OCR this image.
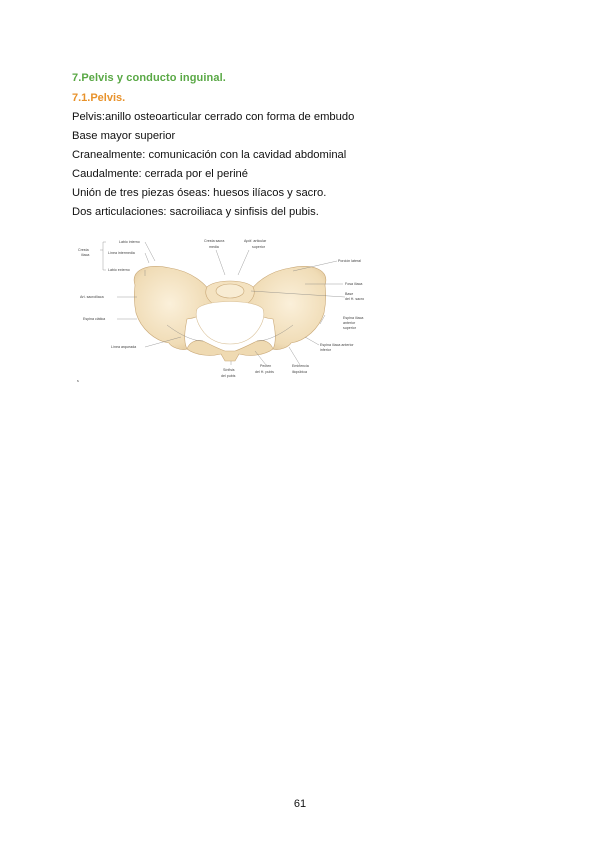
7.Pelvis y conducto inguinal.
7.1.Pelvis.
Pelvis:anillo osteoarticular cerrado con forma de embudo
Base mayor superior
Cranealmente: comunicación con la cavidad abdominal
Caudalmente: cerrada por el periné
Unión de tres piezas óseas: huesos ilíacos y sacro.
Dos articulaciones: sacroiliaca y sinfisis del pubis.
Labio interno
Cresta
ilíaca	Línea intermedia
Labio externo
Art. sacroiliaca
Espina ciática
Línea arqueada
Cresta sacra
media
Apóf. articular
superior
Porción lateral
Fosa ilíaca
Base
del H. sacro
Espina ilíaca
anterior
superior
Espina ilíaca anterior
inferior
Sínfisis
del pubis
Pecten
del H. pubis
Eminencia
iliopúbica
s
61
